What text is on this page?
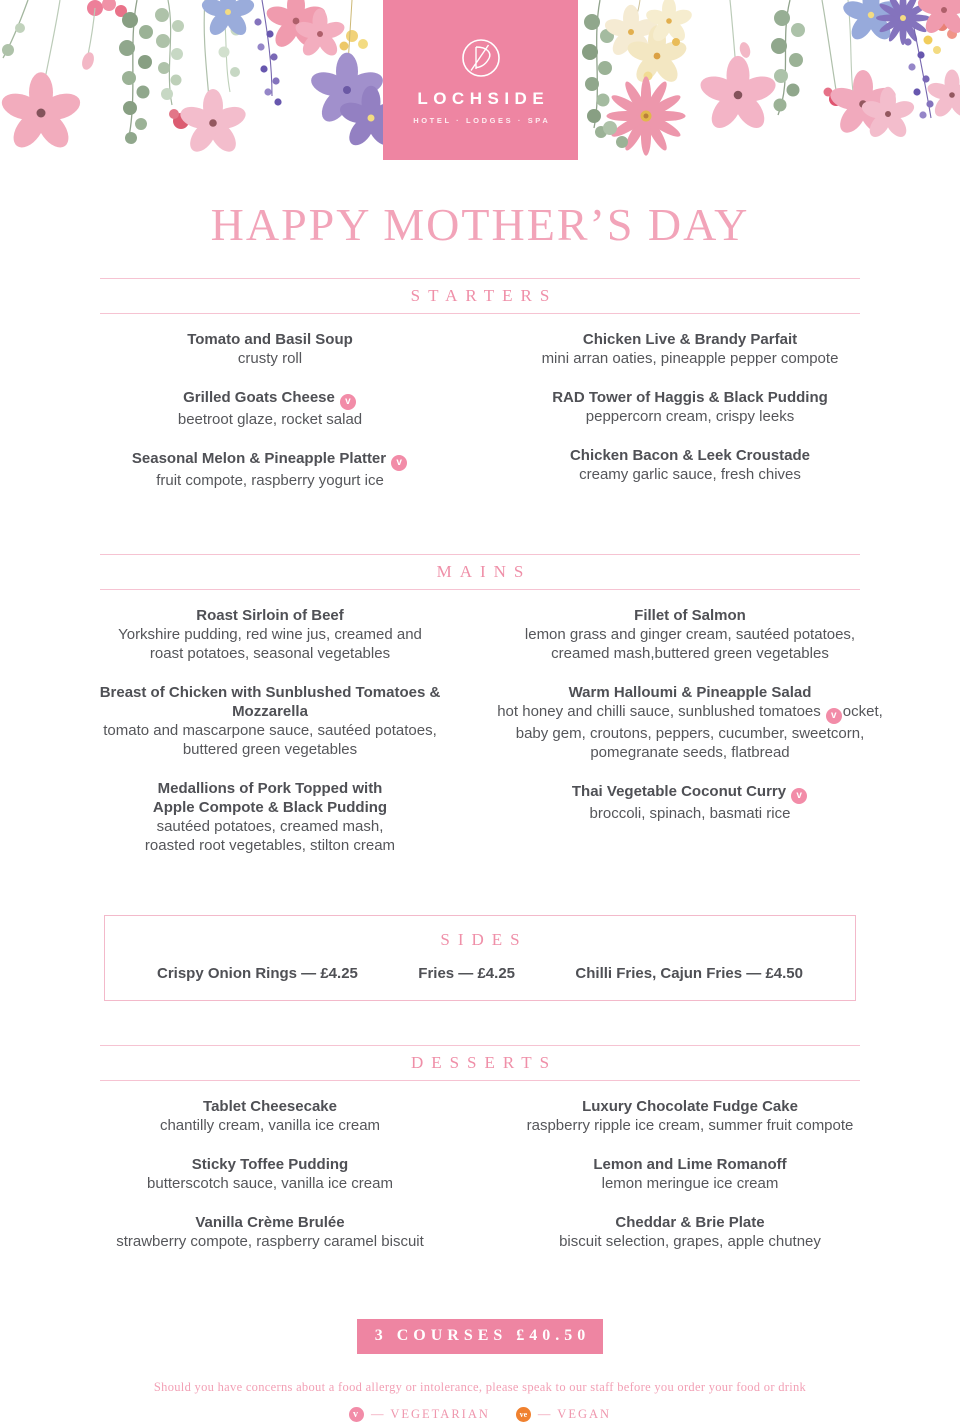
LOCHSIDE
HOTEL · LODGES · SPA
HAPPY MOTHER’S DAY
STARTERS
Tomato and Basil Soup
crusty roll
Grilled Goats Cheese v
beetroot glaze, rocket salad
Seasonal Melon & Pineapple Platter v
fruit compote, raspberry yogurt ice
Chicken Live & Brandy Parfait
mini arran oaties, pineapple pepper compote
RAD Tower of Haggis & Black Pudding
peppercorn cream, crispy leeks
Chicken Bacon & Leek Croustade
creamy garlic sauce, fresh chives
MAINS
Roast Sirloin of Beef
Yorkshire pudding, red wine jus, creamed and
roast potatoes, seasonal vegetables
Breast of Chicken with Sunblushed Tomatoes & Mozzarella
tomato and mascarpone sauce, sautéed potatoes,
buttered green vegetables
Medallions of Pork Topped with
Apple Compote & Black Pudding
sautéed potatoes, creamed mash,
roasted root vegetables, stilton cream
Fillet of Salmon
lemon grass and ginger cream, sautéed potatoes,
creamed mash,buttered green vegetables
Warm Halloumi & Pineapple Salad
hot honey and chilli sauce, sunblushed tomatoes v ocket,
baby gem, croutons, peppers, cucumber, sweetcorn,
pomegranate seeds, flatbread
Thai Vegetable Coconut Curry v
broccoli, spinach, basmati rice
SIDES
Crispy Onion Rings — £4.25	Fries — £4.25	Chilli Fries, Cajun Fries — £4.50
DESSERTS
Tablet Cheesecake
chantilly cream, vanilla ice cream
Sticky Toffee Pudding
butterscotch sauce, vanilla ice cream
Vanilla Crème Brulée
strawberry compote, raspberry caramel biscuit
Luxury Chocolate Fudge Cake
raspberry ripple ice cream, summer fruit compote
Lemon and Lime Romanoff
lemon meringue ice cream
Cheddar & Brie Plate
biscuit selection, grapes, apple chutney
3 COURSES £40.50

Should you have concerns about a food allergy or intolerance, please speak to our staff before you order your food or drink

v — VEGETARIAN	ve — VEGAN
